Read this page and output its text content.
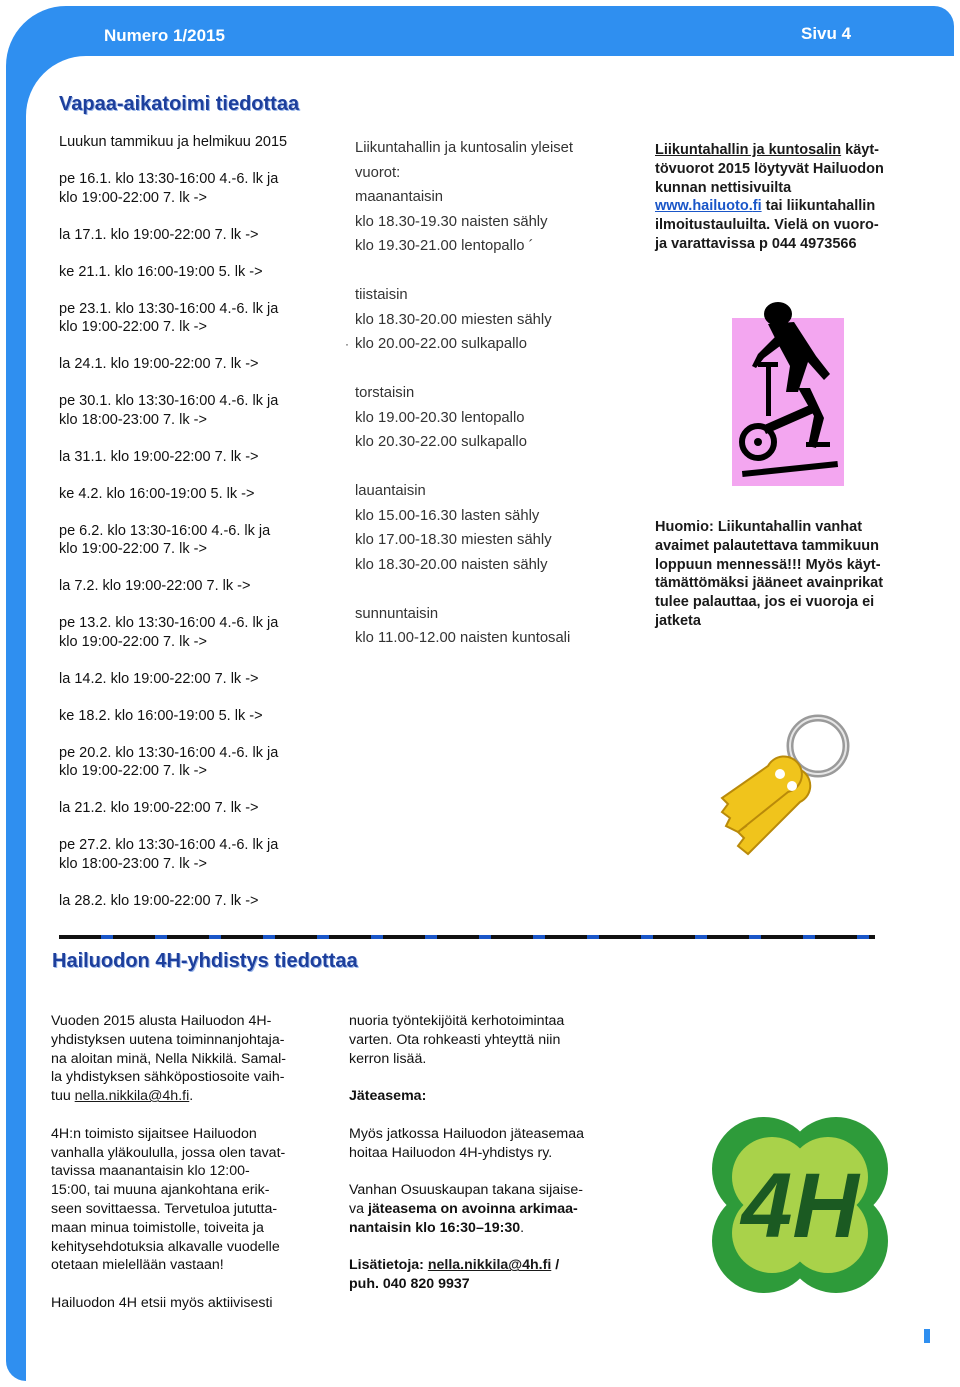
Numero 1/2015	Sivu 4
Vapaa-aikatoimi tiedottaa

Luukun tammikuu ja helmikuu 2015

pe 16.1. klo 13:30-16:00 4.-6. lk ja
klo 19:00-22:00 7. lk ->

la 17.1. klo 19:00-22:00 7. lk ->

ke 21.1. klo 16:00-19:00 5. lk ->

pe 23.1. klo 13:30-16:00 4.-6. lk ja
klo 19:00-22:00 7. lk ->

la 24.1. klo 19:00-22:00 7. lk ->

pe 30.1. klo 13:30-16:00 4.-6. lk ja
klo 18:00-23:00 7. lk ->

la 31.1. klo 19:00-22:00 7. lk ->

ke 4.2. klo 16:00-19:00 5. lk ->

pe 6.2. klo 13:30-16:00 4.-6. lk ja
klo 19:00-22:00 7. lk ->

la 7.2. klo 19:00-22:00 7. lk ->

pe 13.2. klo 13:30-16:00 4.-6. lk ja
klo 19:00-22:00 7. lk ->

la 14.2. klo 19:00-22:00 7. lk ->

ke 18.2. klo 16:00-19:00 5. lk ->

pe 20.2. klo 13:30-16:00 4.-6. lk ja
klo 19:00-22:00 7. lk ->

la 21.2. klo 19:00-22:00 7. lk ->

pe 27.2. klo 13:30-16:00 4.-6. lk ja
klo 18:00-23:00 7. lk ->

la 28.2. klo 19:00-22:00 7. lk ->

Liikuntahallin ja kuntosalin yleiset
vuorot:
maanantaisin
klo 18.30-19.30 naisten sähly
klo 19.30-21.00 lentopallo ´
tiistaisin
klo 18.30-20.00 miesten sähly
klo 20.00-22.00 sulkapallo
torstaisin
klo 19.00-20.30 lentopallo
klo 20.30-22.00 sulkapallo
lauantaisin
klo 15.00-16.30 lasten sähly
klo 17.00-18.30 miesten sähly
klo 18.30-20.00 naisten sähly
sunnuntaisin
klo 11.00-12.00 naisten kuntosali
·
Liikuntahallin ja kuntosalin käyt-
tövuorot 2015 löytyvät Hailuodon
kunnan nettisivuilta
www.hailuoto.fi tai liikuntahallin
ilmoitustauluilta. Vielä on vuoro-
ja varattavissa p 044 4973566
Huomio: Liikuntahallin vanhat
avaimet palautettava tammikuun
loppuun mennessä!!! Myös käyt-
tämättömäksi jääneet avainprikat
tulee palauttaa, jos ei vuoroja ei
jatketa
Hailuodon 4H-yhdistys tiedottaa

Vuoden 2015 alusta Hailuodon 4H-
yhdistyksen uutena toiminnanjohtaja-
na aloitan minä, Nella Nikkilä. Samal-
la yhdistyksen sähköpostiosoite vaih-
tuu nella.nikkila@4h.fi.

4H:n toimisto sijaitsee Hailuodon
vanhalla yläkoululla, jossa olen tavat-
tavissa maanantaisin klo 12:00-
15:00, tai muuna ajankohtana erik-
seen sovittaessa. Tervetuloa jututta-
maan minua toimistolle, toiveita ja
kehitysehdotuksia alkavalle vuodelle
otetaan mielellään vastaan!

Hailuodon 4H etsii myös aktiivisesti

nuoria työntekijöitä kerhotoimintaa
varten. Ota rohkeasti yhteyttä niin
kerron lisää.

Jäteasema:

Myös jatkossa Hailuodon jäteasemaa
hoitaa Hailuodon 4H-yhdistys ry.

Vanhan Osuuskaupan takana sijaise-
va jäteasema on avoinna arkimaa-
nantaisin klo 16:30–19:30.

Lisätietoja: nella.nikkila@4h.fi /
puh. 040 820 9937

4H
